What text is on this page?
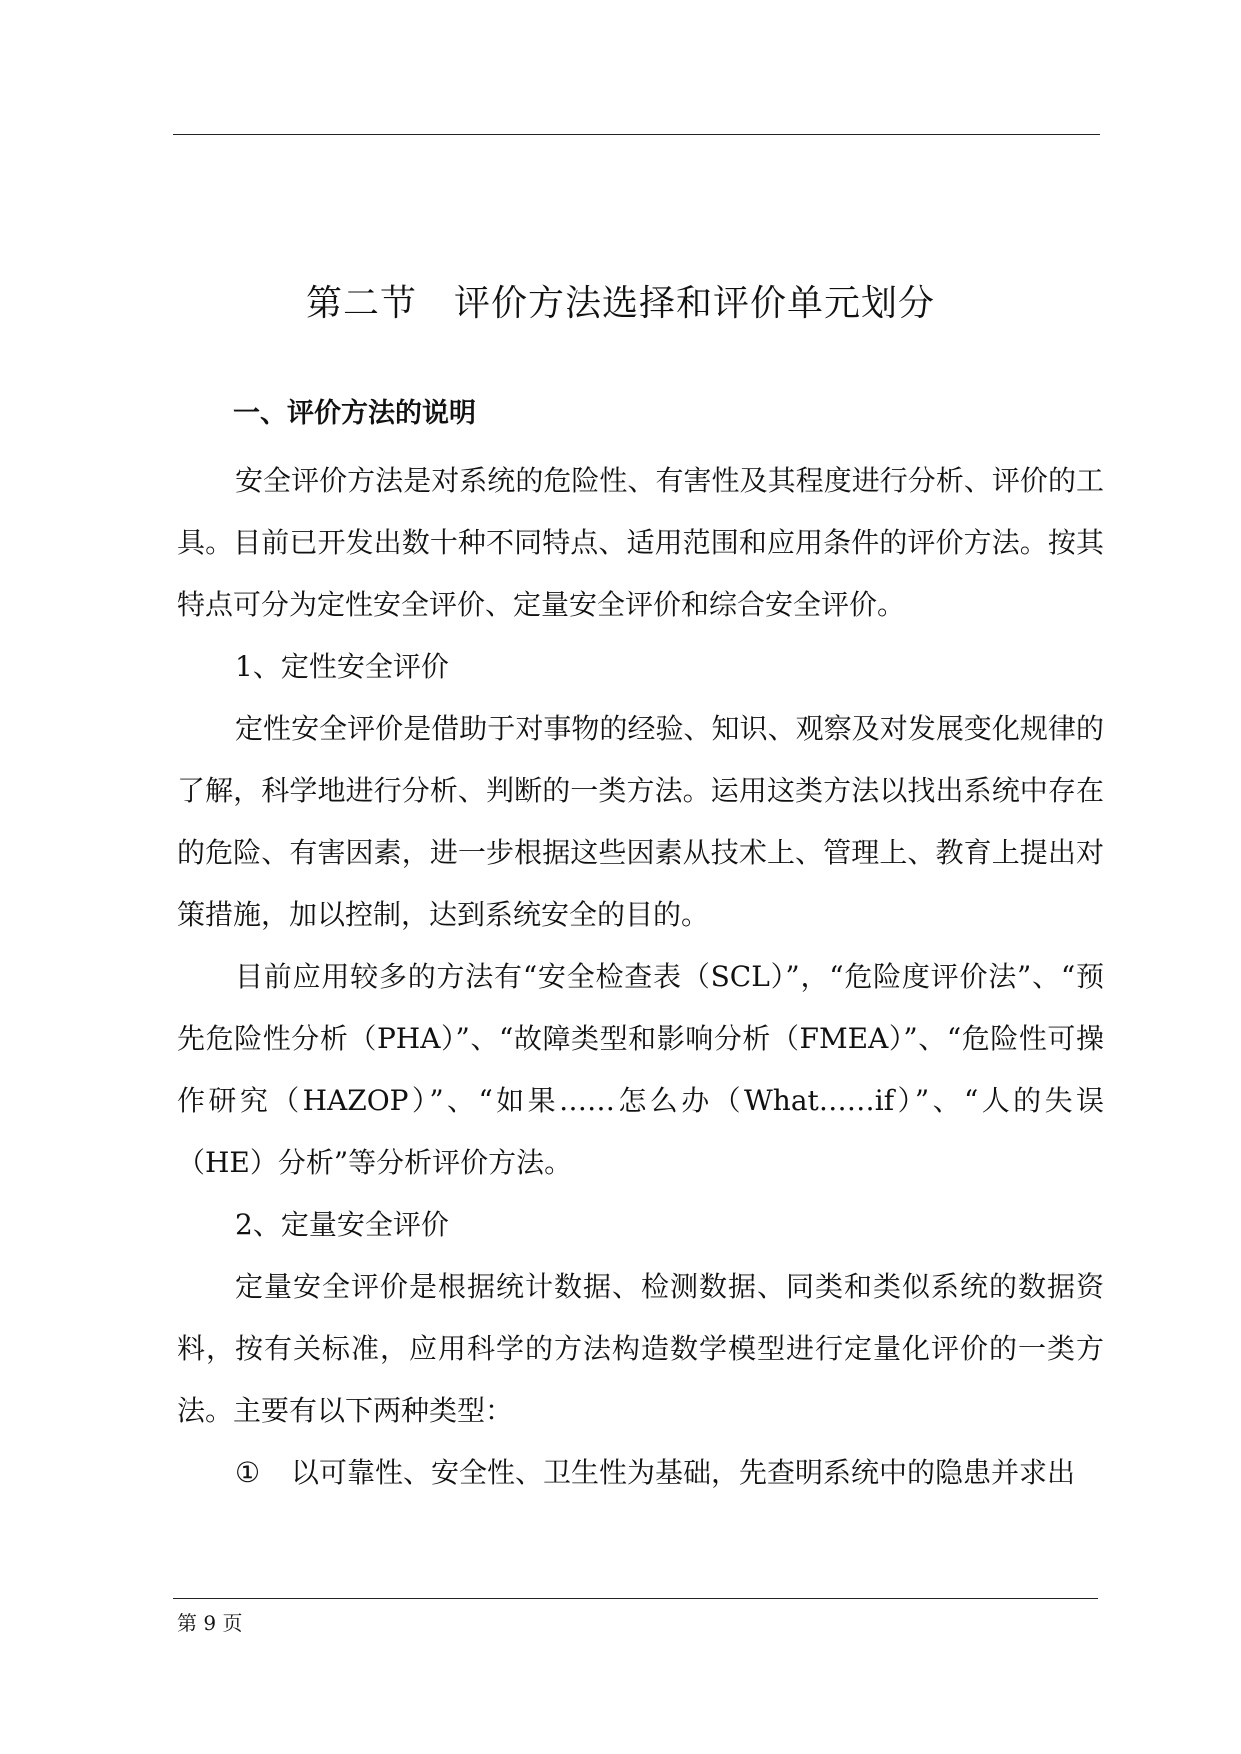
第二节　评价方法选择和评价单元划分
一、评价方法的说明

安全评价方法是对系统的危险性、有害性及其程度进行分析、评价的工具。目前已开发出数十种不同特点、适用范围和应用条件的评价方法。按其特点可分为定性安全评价、定量安全评价和综合安全评价。

1、定性安全评价

定性安全评价是借助于对事物的经验、知识、观察及对发展变化规律的了解，科学地进行分析、判断的一类方法。运用这类方法以找出系统中存在的危险、有害因素，进一步根据这些因素从技术上、管理上、教育上提出对策措施，加以控制，达到系统安全的目的。

目前应用较多的方法有“安全检查表（SCL）”，“危险度评价法”、“预先危险性分析（PHA）”、“故障类型和影响分析（FMEA）”、“危险性可操作研究（HAZOP）”、“如果……怎么办（What……if）”、“人的失误（HE）分析”等分析评价方法。

2、定量安全评价

定量安全评价是根据统计数据、检测数据、同类和类似系统的数据资料，按有关标准，应用科学的方法构造数学模型进行定量化评价的一类方法。主要有以下两种类型：

① 以可靠性、安全性、卫生性为基础，先查明系统中的隐患并求出

第 9 页
